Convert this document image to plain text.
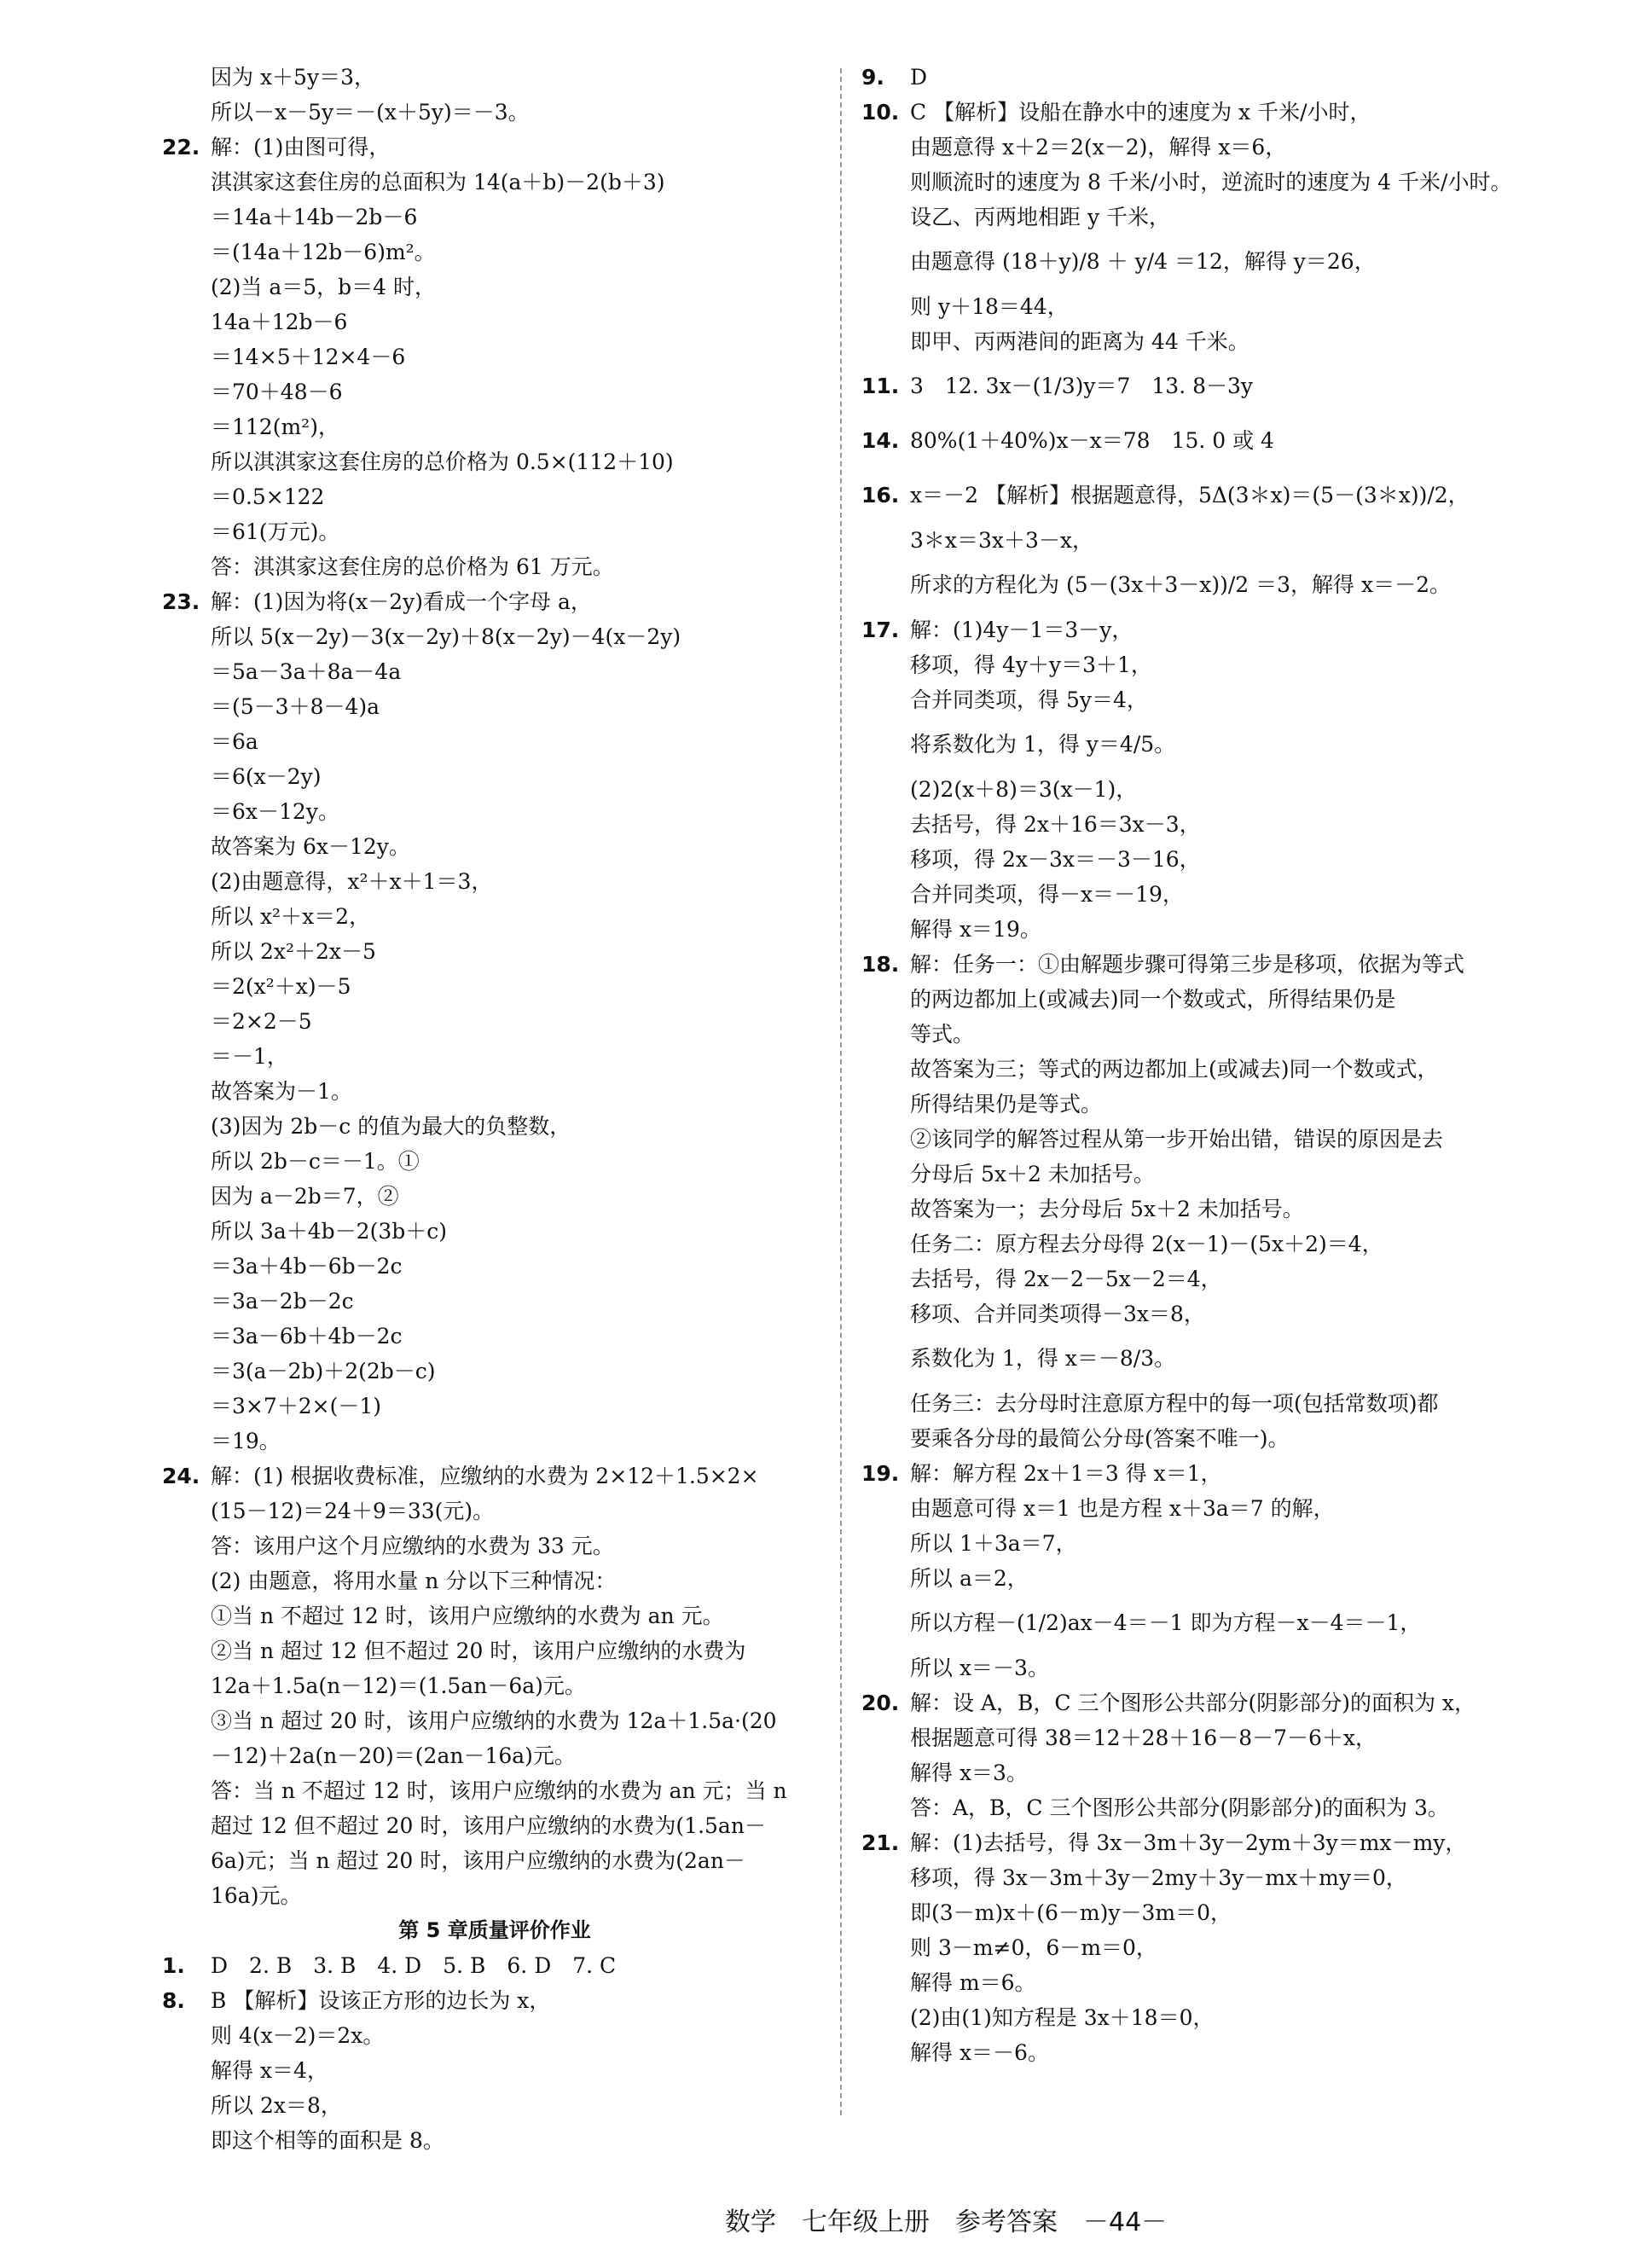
因为 x＋5y＝3，
所以－x－5y＝－(x＋5y)＝－3。
22. 解：(1)由图可得，
淇淇家这套住房的总面积为 14(a＋b)－2(b＋3)
＝14a＋14b－2b－6
＝(14a＋12b－6)m²。
(2)当 a＝5，b＝4 时，
14a＋12b－6
＝14×5＋12×4－6
＝70＋48－6
＝112(m²)，
所以淇淇家这套住房的总价格为 0.5×(112＋10)
＝0.5×122
＝61(万元)。
答：淇淇家这套住房的总价格为 61 万元。
23. 解：(1)因为将(x－2y)看成一个字母 a，
所以 5(x－2y)－3(x－2y)＋8(x－2y)－4(x－2y)
＝5a－3a＋8a－4a
＝(5－3＋8－4)a
＝6a
＝6(x－2y)
＝6x－12y。
故答案为 6x－12y。
(2)由题意得，x²＋x＋1＝3，
所以 x²＋x＝2，
所以 2x²＋2x－5
＝2(x²＋x)－5
＝2×2－5
＝－1，
故答案为－1。
(3)因为 2b－c 的值为最大的负整数，
所以 2b－c＝－1。①
因为 a－2b＝7，②
所以 3a＋4b－2(3b＋c)
＝3a＋4b－6b－2c
＝3a－2b－2c
＝3a－6b＋4b－2c
＝3(a－2b)＋2(2b－c)
＝3×7＋2×(－1)
＝19。
24. 解：(1) 根据收费标准，应缴纳的水费为 2×12＋1.5×2×
(15－12)＝24＋9＝33(元)。
答：该用户这个月应缴纳的水费为 33 元。
(2) 由题意，将用水量 n 分以下三种情况：
①当 n 不超过 12 时，该用户应缴纳的水费为 an 元。
②当 n 超过 12 但不超过 20 时，该用户应缴纳的水费为
12a＋1.5a(n－12)＝(1.5an－6a)元。
③当 n 超过 20 时，该用户应缴纳的水费为 12a＋1.5a·(20
－12)＋2a(n－20)＝(2an－16a)元。
答：当 n 不超过 12 时，该用户应缴纳的水费为 an 元；当 n
超过 12 但不超过 20 时，该用户应缴纳的水费为(1.5an－
6a)元；当 n 超过 20 时，该用户应缴纳的水费为(2an－
16a)元。
第 5 章质量评价作业
1. D　2. B　3. B　4. D　5. B　6. D　7. C
8. B 【解析】设该正方形的边长为 x，
则 4(x－2)＝2x。
解得 x＝4，
所以 2x＝8，
即这个相等的面积是 8。
9. D
10. C 【解析】设船在静水中的速度为 x 千米/小时，
由题意得 x＋2＝2(x－2)，解得 x＝6，
则顺流时的速度为 8 千米/小时，逆流时的速度为 4 千米/小时。
设乙、丙两地相距 y 千米，
由题意得 (18＋y)/8 ＋ y/4 ＝12，解得 y＝26，
则 y＋18＝44，
即甲、丙两港间的距离为 44 千米。
11. 3　12. 3x－(1/3)y＝7　13. 8－3y
14. 80%(1＋40%)x－x＝78　15. 0 或 4
16. x＝－2 【解析】根据题意得，5Δ(3＊x)＝(5－(3＊x))/2，
3＊x＝3x＋3－x，
所求的方程化为 (5－(3x＋3－x))/2 ＝3，解得 x＝－2。
17. 解：(1)4y－1＝3－y，
移项，得 4y＋y＝3＋1，
合并同类项，得 5y＝4，
将系数化为 1，得 y＝4/5。
(2)2(x＋8)＝3(x－1)，
去括号，得 2x＋16＝3x－3，
移项，得 2x－3x＝－3－16，
合并同类项，得－x＝－19，
解得 x＝19。
18. 解：任务一：①由解题步骤可得第三步是移项，依据为等式
的两边都加上(或减去)同一个数或式，所得结果仍是
等式。
故答案为三；等式的两边都加上(或减去)同一个数或式，
所得结果仍是等式。
②该同学的解答过程从第一步开始出错，错误的原因是去
分母后 5x＋2 未加括号。
故答案为一；去分母后 5x＋2 未加括号。
任务二：原方程去分母得 2(x－1)－(5x＋2)＝4，
去括号，得 2x－2－5x－2＝4，
移项、合并同类项得－3x＝8，
系数化为 1，得 x＝－8/3。
任务三：去分母时注意原方程中的每一项(包括常数项)都
要乘各分母的最简公分母(答案不唯一)。
19. 解：解方程 2x＋1＝3 得 x＝1，
由题意可得 x＝1 也是方程 x＋3a＝7 的解，
所以 1＋3a＝7，
所以 a＝2，
所以方程－(1/2)ax－4＝－1 即为方程－x－4＝－1，
所以 x＝－3。
20. 解：设 A，B，C 三个图形公共部分(阴影部分)的面积为 x，
根据题意可得 38＝12＋28＋16－8－7－6＋x，
解得 x＝3。
答：A，B，C 三个图形公共部分(阴影部分)的面积为 3。
21. 解：(1)去括号，得 3x－3m＋3y－2ym＋3y＝mx－my，
移项，得 3x－3m＋3y－2my＋3y－mx＋my＝0，
即(3－m)x＋(6－m)y－3m＝0，
则 3－m≠0，6－m＝0，
解得 m＝6。
(2)由(1)知方程是 3x＋18＝0，
解得 x＝－6。
数学　七年级上册　参考答案　－44－
